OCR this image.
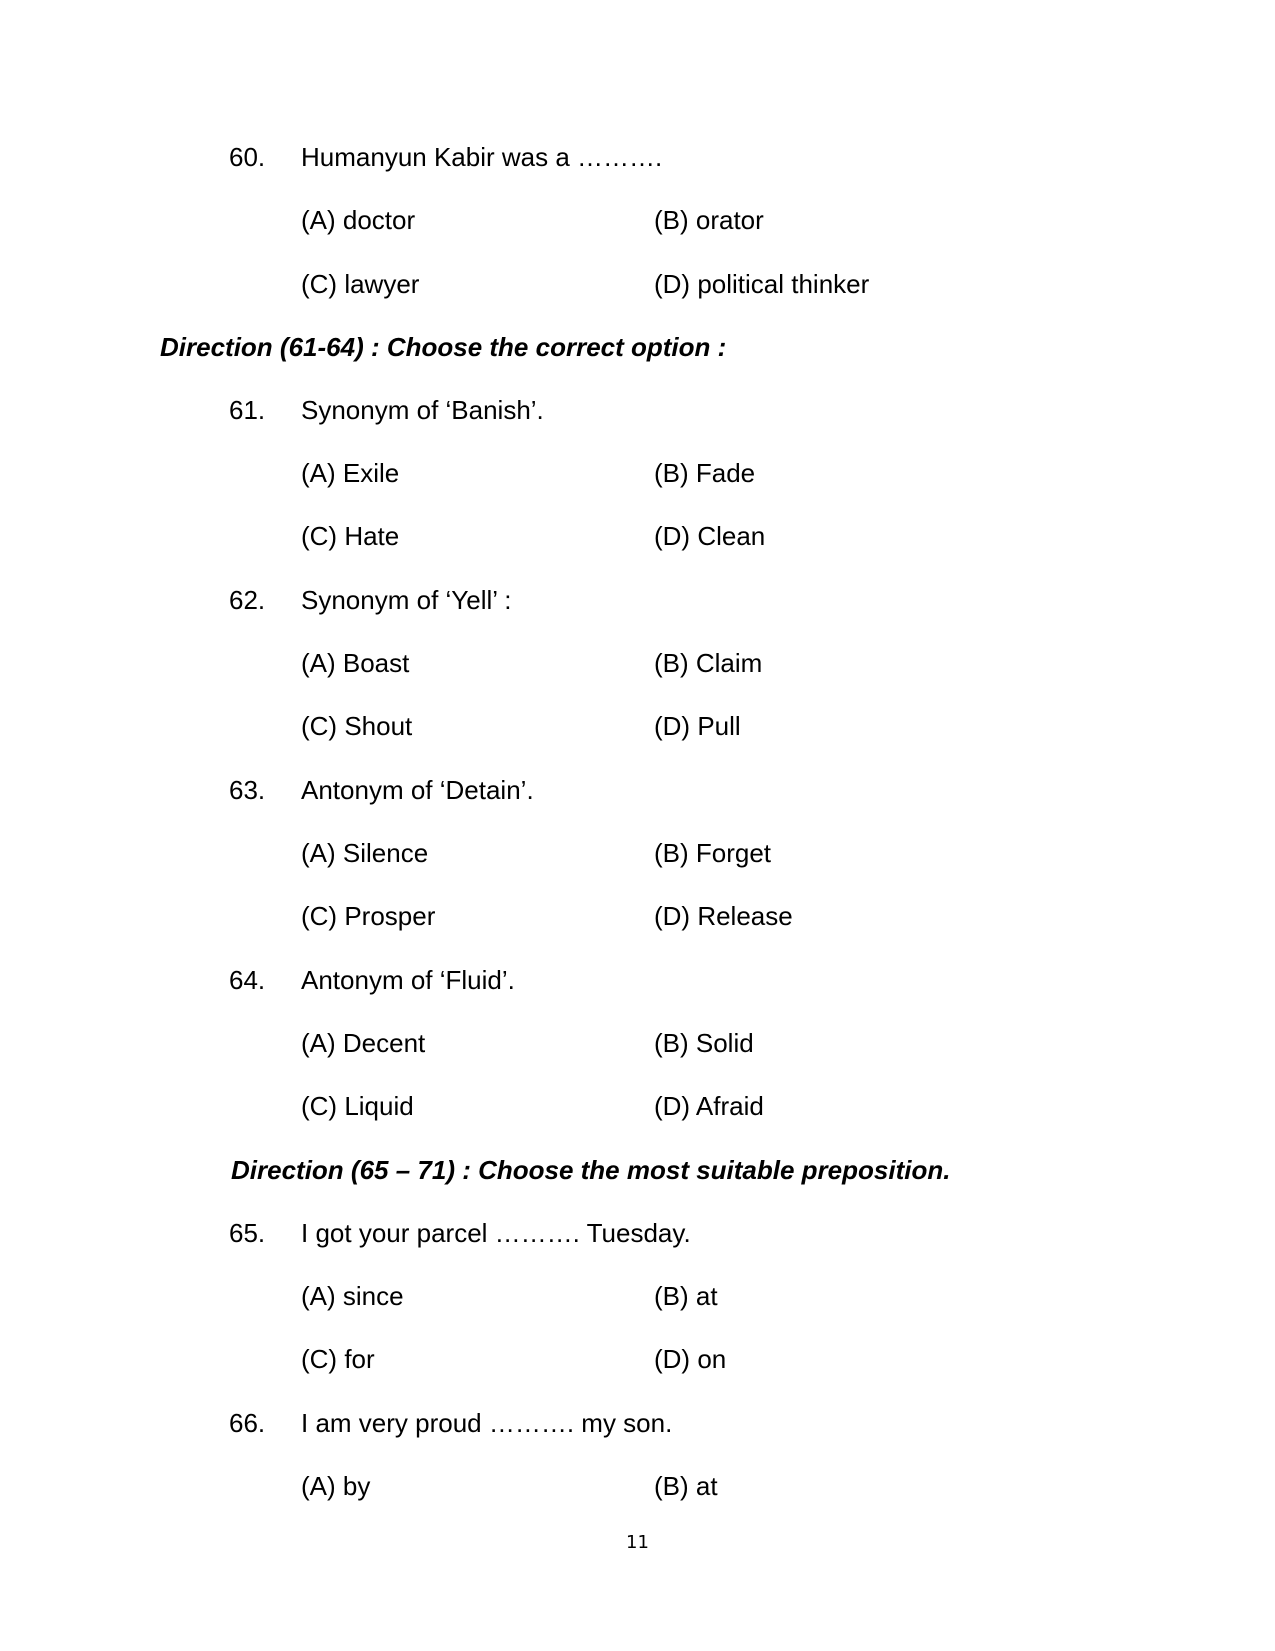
60. Humanyun Kabir was a ……….
(A) doctor	(B) orator
(C) lawyer	(D) political thinker
Direction (61-64) : Choose the correct option :
61. Synonym of ‘Banish’.
(A) Exile	(B) Fade
(C) Hate	(D) Clean
62. Synonym of ‘Yell’ :
(A) Boast	(B) Claim
(C) Shout	(D) Pull
63. Antonym of ‘Detain’.
(A) Silence	(B) Forget
(C) Prosper	(D) Release
64. Antonym of ‘Fluid’.
(A) Decent	(B) Solid
(C) Liquid	(D) Afraid
Direction (65 – 71) : Choose the most suitable preposition.
65. I got your parcel ………. Tuesday.
(A) since	(B) at
(C) for	(D) on
66. I am very proud ………. my son.
(A) by	(B) at
11
